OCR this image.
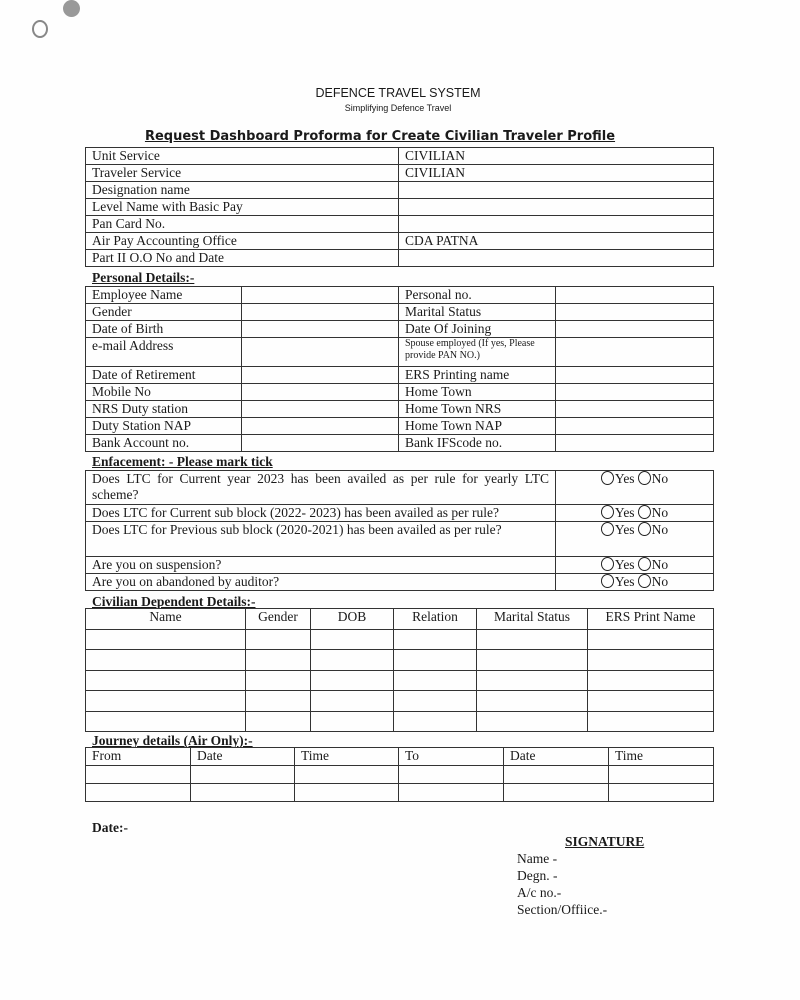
DEFENCE TRAVEL SYSTEM
Simplifying Defence Travel
Request Dashboard Proforma for Create Civilian Traveler Profile
Unit Service	CIVILIAN
Traveler Service	CIVILIAN
Designation name	
Level Name with Basic Pay	
Pan Card No.	
Air Pay Accounting Office	CDA PATNA
Part II O.O No and Date	
Personal Details:-
Employee Name		Personal no.	
Gender		Marital Status	
Date of Birth		Date Of Joining	
e-mail Address		Spouse employed (If yes, Please provide PAN NO.)	
Date of Retirement		ERS Printing name	
Mobile No		Home Town	
NRS Duty station		Home Town NRS	
Duty Station NAP		Home Town NAP	
Bank Account no.		Bank IFScode no.	
Enfacement: - Please mark tick
Does LTC for Current year 2023 has been availed as per rule for yearly LTC scheme?	Yes No
Does LTC for Current sub block (2022- 2023) has been availed as per rule?	Yes No
Does LTC for Previous sub block (2020-2021) has been availed as per rule?	Yes No
Are you on suspension?	Yes No
Are you on abandoned by auditor?	Yes No
Civilian Dependent Details:-
Name	Gender	DOB	Relation	Marital Status	ERS Print Name

Journey details (Air Only):-
From	Date	Time	To	Date	Time

Date:-
SIGNATURE
Name -
Degn. -
A/c no.-
Section/Offiice.-
